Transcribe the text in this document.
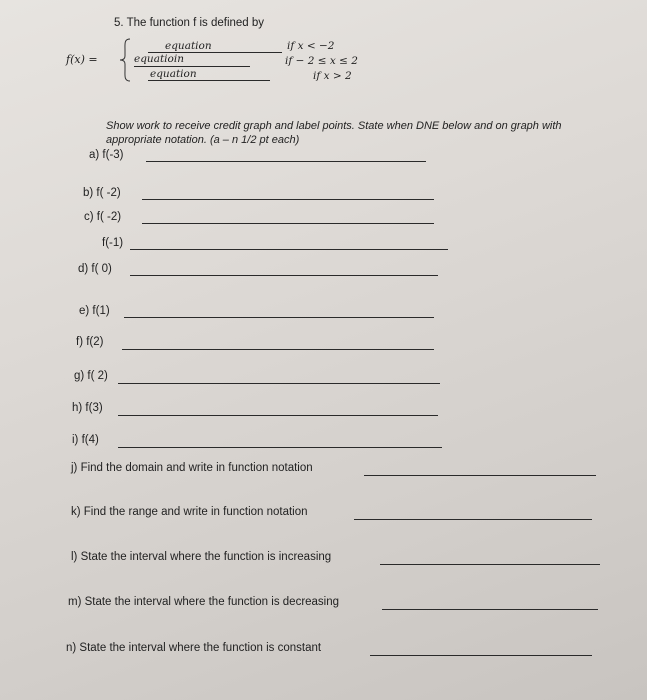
5. The function f is defined by
f(x) =
equation	if x < −2
equatioin	if − 2 ≤ x ≤ 2
equation	if x > 2
Show work to receive credit graph and label points. State when DNE below and on graph with appropriate notation. (a – n 1/2 pt each)
a) f(-3)
b) f( -2)
c) f( -2)
f(-1)
d) f( 0)
e) f(1)
f) f(2)
g) f( 2)
h) f(3)
i) f(4)
j) Find the domain and write in function notation
k) Find the range and write in function notation
l) State the interval where the function is increasing
m) State the interval where the function is decreasing
n) State the interval where the function is constant
